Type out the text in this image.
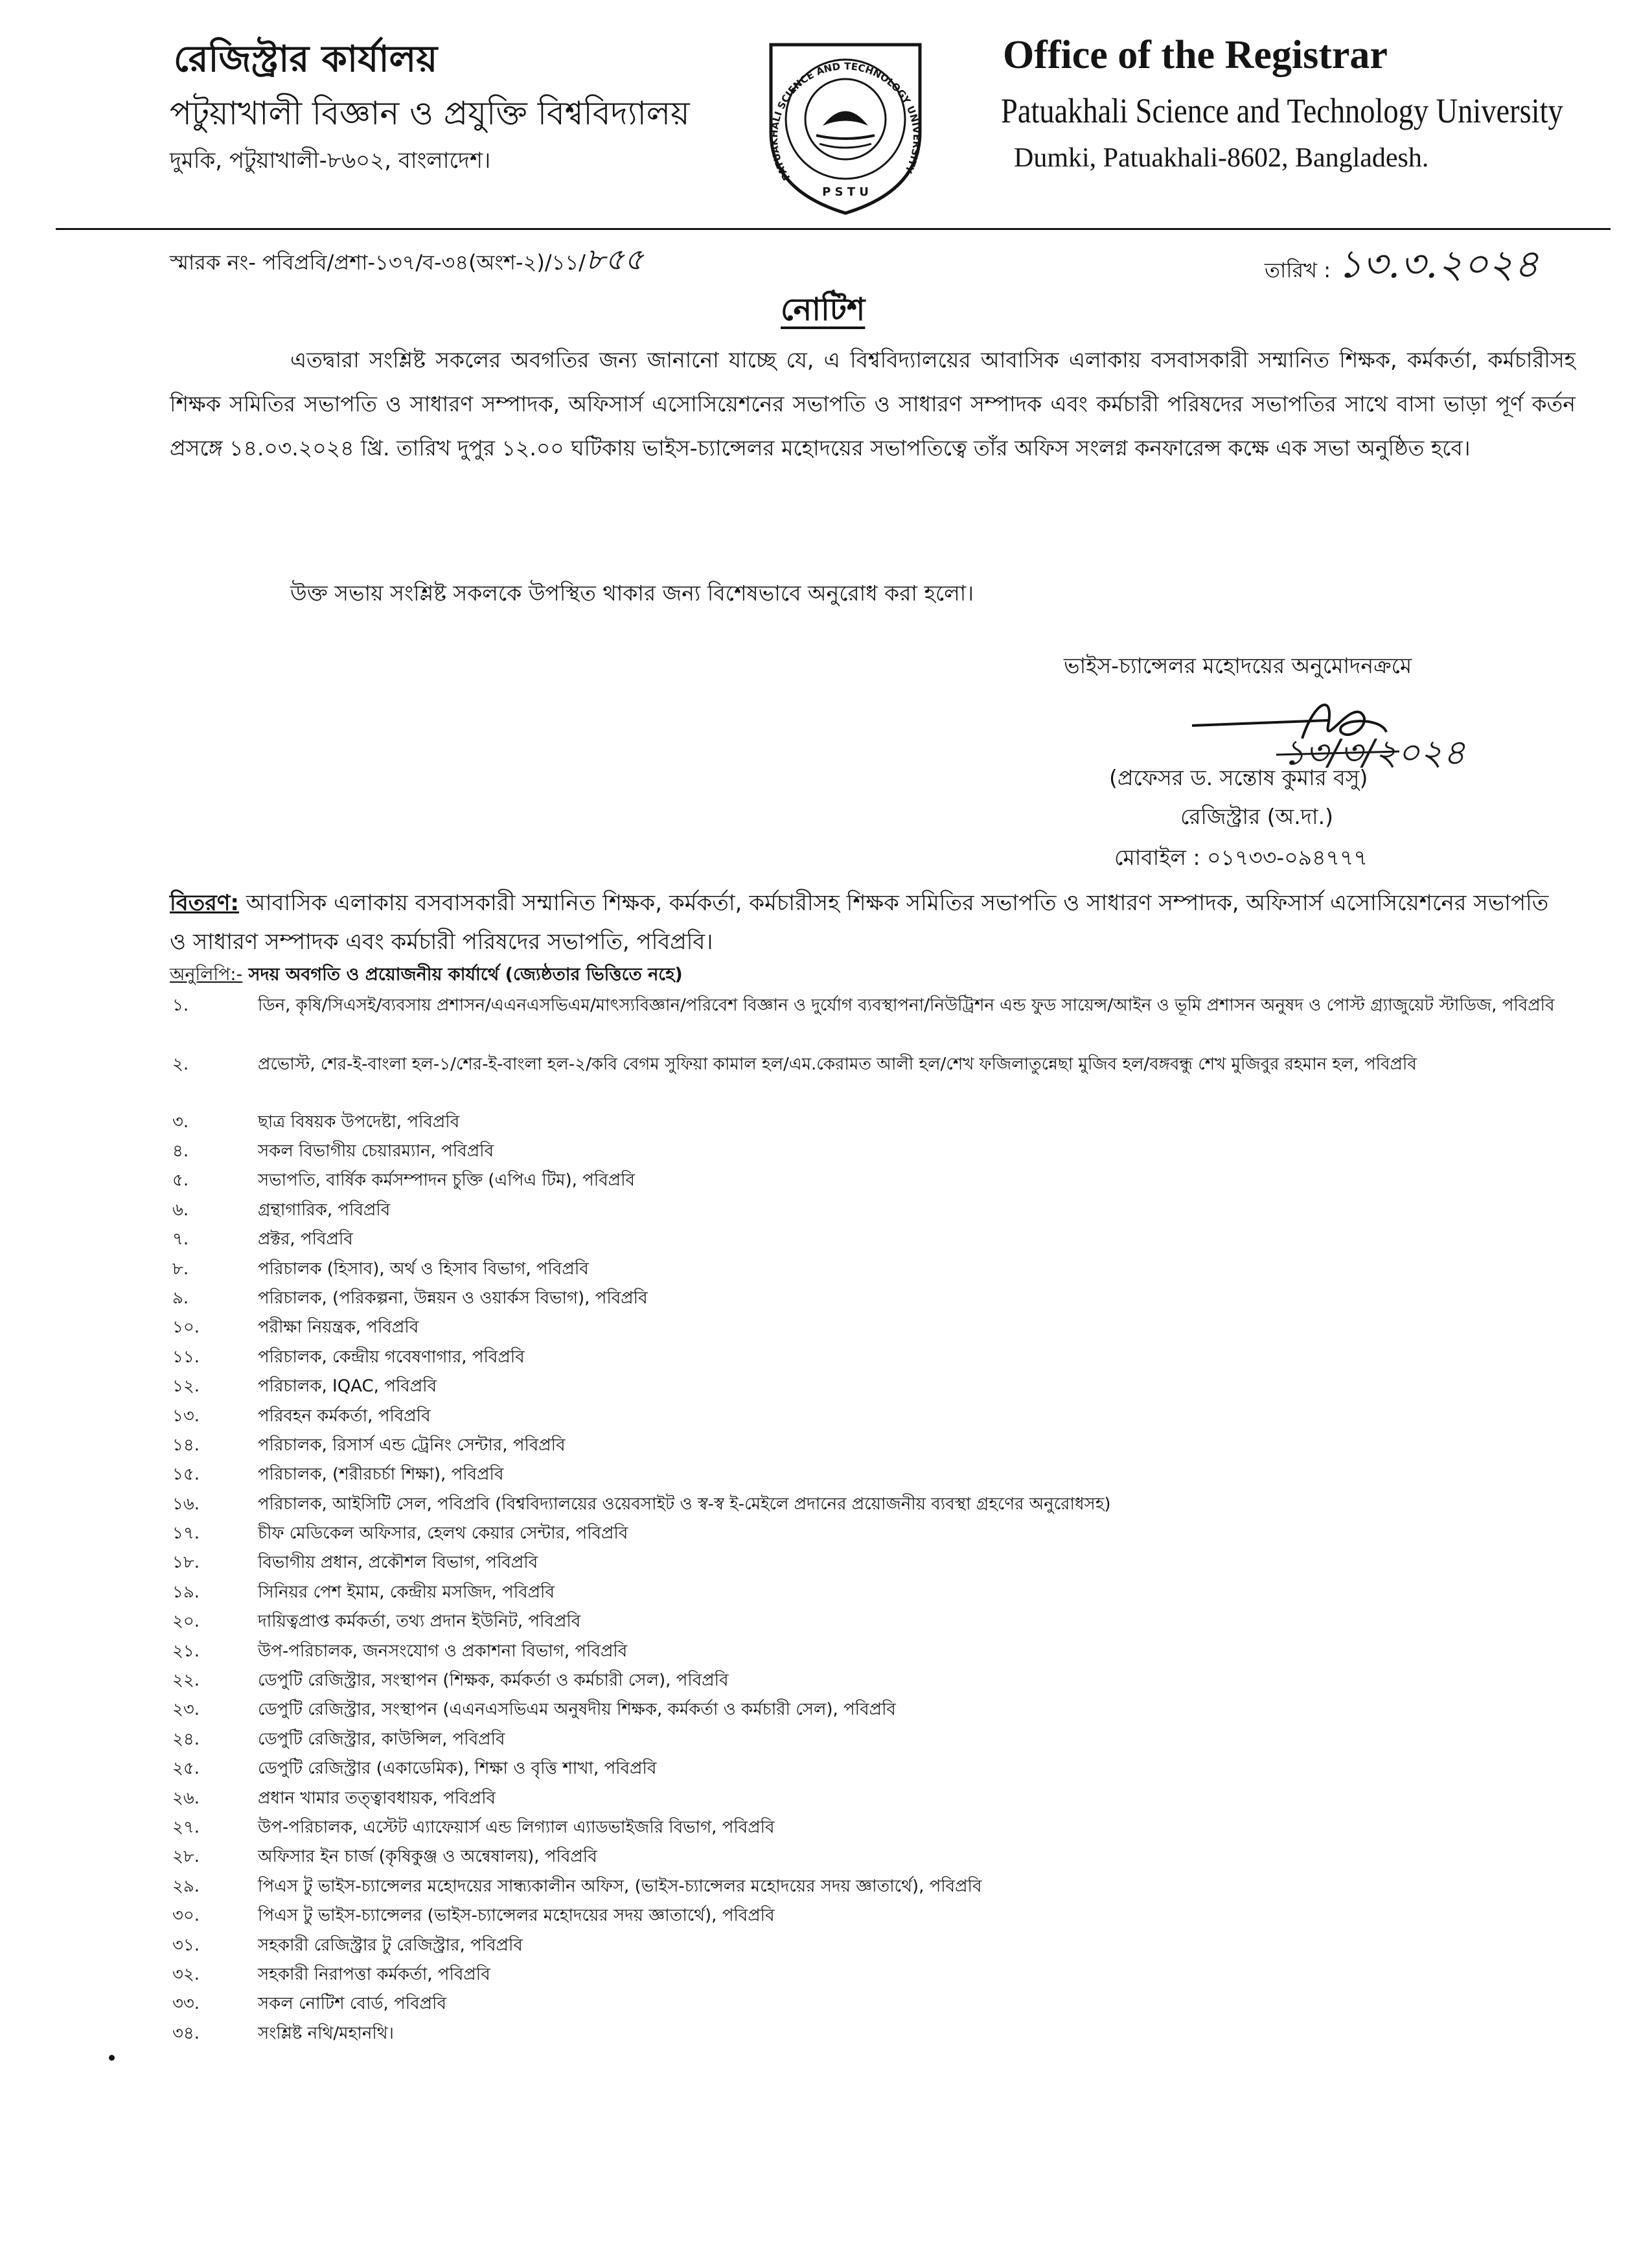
রেজিস্ট্রার কার্যালয়
পটুয়াখালী বিজ্ঞান ও প্রযুক্তি বিশ্ববিদ্যালয়
দুমকি, পটুয়াখালী-৮৬০২, বাংলাদেশ।
PATUAKHALI SCIENCE AND TECHNOLOGY UNIVERSITY
P S T U
Office of the Registrar
Patuakhali Science and Technology University
Dumki, Patuakhali-8602, Bangladesh.
স্মারক নং- পবিপ্রবি/প্রশা-১৩৭/ব-৩৪(অংশ-২)/১১/৮৫৫	তারিখ : ১৩.৩.২০২৪
নোটিশ
এতদ্বারা সংশ্লিষ্ট সকলের অবগতির জন্য জানানো যাচ্ছে যে, এ বিশ্ববিদ্যালয়ের আবাসিক এলাকায় বসবাসকারী সম্মানিত শিক্ষক, কর্মকর্তা, কর্মচারীসহ শিক্ষক সমিতির সভাপতি ও সাধারণ সম্পাদক, অফিসার্স এসোসিয়েশনের সভাপতি ও সাধারণ সম্পাদক এবং কর্মচারী পরিষদের সভাপতির সাথে বাসা ভাড়া পূর্ণ কর্তন প্রসঙ্গে ১৪.০৩.২০২৪ খ্রি. তারিখ দুপুর ১২.০০ ঘটিকায় ভাইস-চ্যান্সেলর মহোদয়ের সভাপতিত্বে তাঁর অফিস সংলগ্ন কনফারেন্স কক্ষে এক সভা অনুষ্ঠিত হবে।
উক্ত সভায় সংশ্লিষ্ট সকলকে উপস্থিত থাকার জন্য বিশেষভাবে অনুরোধ করা হলো।
ভাইস-চ্যান্সেলর মহোদয়ের অনুমোদনক্রমে
১৩/৩/২০২৪
(প্রফেসর ড. সন্তোষ কুমার বসু)
রেজিস্ট্রার (অ.দা.)
মোবাইল : ০১৭৩৩-০৯৪৭৭৭
বিতরণ: আবাসিক এলাকায় বসবাসকারী সম্মানিত শিক্ষক, কর্মকর্তা, কর্মচারীসহ শিক্ষক সমিতির সভাপতি ও সাধারণ সম্পাদক, অফিসার্স এসোসিয়েশনের সভাপতি ও সাধারণ সম্পাদক এবং কর্মচারী পরিষদের সভাপতি, পবিপ্রবি।
অনুলিপি:- সদয় অবগতি ও প্রয়োজনীয় কার্যার্থে (জ্যেষ্ঠতার ভিত্তিতে নহে)
১.	ডিন, কৃষি/সিএসই/ব্যবসায় প্রশাসন/এএনএসভিএম/মাৎস্যবিজ্ঞান/পরিবেশ বিজ্ঞান ও দুর্যোগ ব্যবস্থাপনা/নিউট্রিশন এন্ড ফুড সায়েন্স/আইন ও ভূমি প্রশাসন অনুষদ ও পোস্ট গ্র্যাজুয়েট স্টাডিজ, পবিপ্রবি
২.	প্রভোস্ট, শের-ই-বাংলা হল-১/শের-ই-বাংলা হল-২/কবি বেগম সুফিয়া কামাল হল/এম.কেরামত আলী হল/শেখ ফজিলাতুন্নেছা মুজিব হল/বঙ্গবন্ধু শেখ মুজিবুর রহমান হল, পবিপ্রবি
৩.	ছাত্র বিষয়ক উপদেষ্টা, পবিপ্রবি
৪.	সকল বিভাগীয় চেয়ারম্যান, পবিপ্রবি
৫.	সভাপতি, বার্ষিক কর্মসম্পাদন চুক্তি (এপিএ টিম), পবিপ্রবি
৬.	গ্রন্থাগারিক, পবিপ্রবি
৭.	প্রক্টর, পবিপ্রবি
৮.	পরিচালক (হিসাব), অর্থ ও হিসাব বিভাগ, পবিপ্রবি
৯.	পরিচালক, (পরিকল্পনা, উন্নয়ন ও ওয়ার্কস বিভাগ), পবিপ্রবি
১০.	পরীক্ষা নিয়ন্ত্রক, পবিপ্রবি
১১.	পরিচালক, কেন্দ্রীয় গবেষণাগার, পবিপ্রবি
১২.	পরিচালক, IQAC, পবিপ্রবি
১৩.	পরিবহন কর্মকর্তা, পবিপ্রবি
১৪.	পরিচালক, রিসার্স এন্ড ট্রেনিং সেন্টার, পবিপ্রবি
১৫.	পরিচালক, (শরীরচর্চা শিক্ষা), পবিপ্রবি
১৬.	পরিচালক, আইসিটি সেল, পবিপ্রবি (বিশ্ববিদ্যালয়ের ওয়েবসাইট ও স্ব-স্ব ই-মেইলে প্রদানের প্রয়োজনীয় ব্যবস্থা গ্রহণের অনুরোধসহ)
১৭.	চীফ মেডিকেল অফিসার, হেলথ কেয়ার সেন্টার, পবিপ্রবি
১৮.	বিভাগীয় প্রধান, প্রকৌশল বিভাগ, পবিপ্রবি
১৯.	সিনিয়র পেশ ইমাম, কেন্দ্রীয় মসজিদ, পবিপ্রবি
২০.	দায়িত্বপ্রাপ্ত কর্মকর্তা, তথ্য প্রদান ইউনিট, পবিপ্রবি
২১.	উপ-পরিচালক, জনসংযোগ ও প্রকাশনা বিভাগ, পবিপ্রবি
২২.	ডেপুটি রেজিস্ট্রার, সংস্থাপন (শিক্ষক, কর্মকর্তা ও কর্মচারী সেল), পবিপ্রবি
২৩.	ডেপুটি রেজিস্ট্রার, সংস্থাপন (এএনএসভিএম অনুষদীয় শিক্ষক, কর্মকর্তা ও কর্মচারী সেল), পবিপ্রবি
২৪.	ডেপুটি রেজিস্ট্রার, কাউন্সিল, পবিপ্রবি
২৫.	ডেপুটি রেজিস্ট্রার (একাডেমিক), শিক্ষা ও বৃত্তি শাখা, পবিপ্রবি
২৬.	প্রধান খামার তত্ত্বাবধায়ক, পবিপ্রবি
২৭.	উপ-পরিচালক, এস্টেট এ্যাফেয়ার্স এন্ড লিগ্যাল এ্যাডভাইজরি বিভাগ, পবিপ্রবি
২৮.	অফিসার ইন চার্জ (কৃষিকুঞ্জ ও অন্বেষালয়), পবিপ্রবি
২৯.	পিএস টু ভাইস-চ্যান্সেলর মহোদয়ের সান্ধ্যকালীন অফিস, (ভাইস-চ্যান্সেলর মহোদয়ের সদয় জ্ঞাতার্থে), পবিপ্রবি
৩০.	পিএস টু ভাইস-চ্যান্সেলর (ভাইস-চ্যান্সেলর মহোদয়ের সদয় জ্ঞাতার্থে), পবিপ্রবি
৩১.	সহকারী রেজিস্ট্রার টু রেজিস্ট্রার, পবিপ্রবি
৩২.	সহকারী নিরাপত্তা কর্মকর্তা, পবিপ্রবি
৩৩.	সকল নোটিশ বোর্ড, পবিপ্রবি
৩৪.	সংশ্লিষ্ট নথি/মহানথি।
